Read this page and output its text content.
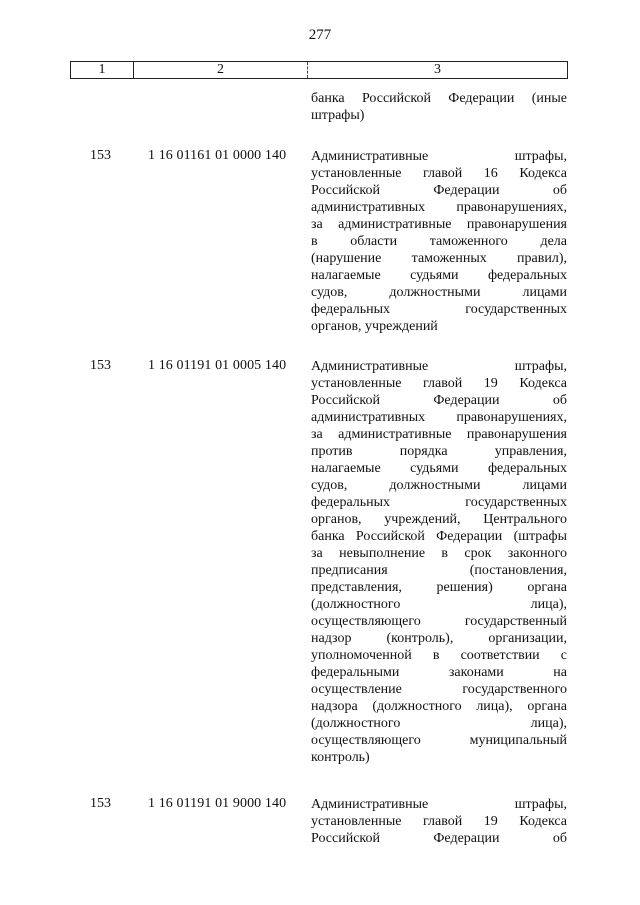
277
1	2	3
банка Российской Федерации (иные
штрафы)
153	1 16 01161 01 0000 140 Административные штрафы,
установленные главой 16 Кодекса
Российской Федерации об
административных правонарушениях,
за административные правонарушения
в области таможенного дела
(нарушение таможенных правил),
налагаемые судьями федеральных
судов, должностными лицами
федеральных государственных
органов, учреждений
153	1 16 01191 01 0005 140 Административные штрафы,
установленные главой 19 Кодекса
Российской Федерации об
административных правонарушениях,
за административные правонарушения
против порядка управления,
налагаемые судьями федеральных
судов, должностными лицами
федеральных государственных
органов, учреждений, Центрального
банка Российской Федерации (штрафы
за невыполнение в срок законного
предписания (постановления,
представления, решения) органа
(должностного лица),
осуществляющего государственный
надзор (контроль), организации,
уполномоченной в соответствии с
федеральными законами на
осуществление государственного
надзора (должностного лица), органа
(должностного лица),
осуществляющего муниципальный
контроль)
153	1 16 01191 01 9000 140 Административные штрафы,
установленные главой 19 Кодекса
Российской Федерации об
